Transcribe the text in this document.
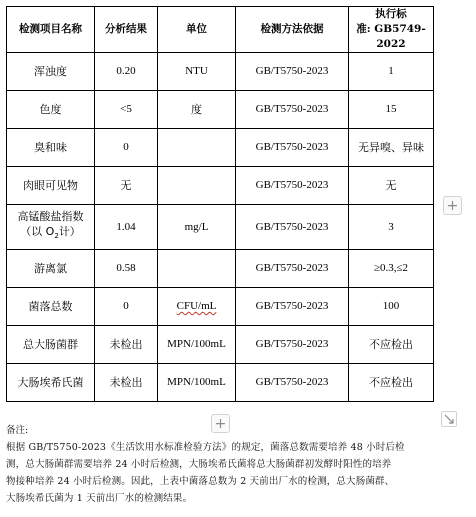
检测项目名称	分析结果	单位	检测方法依据	执行标
准: GB5749-2022

浑浊度	0.20	NTU	GB/T5750-2023	1
色度	<5	度	GB/T5750-2023	15
臭和味	0		GB/T5750-2023	无异嗅、异味
肉眼可见物	无		GB/T5750-2023	无

高锰酸盐指数
（以 $O_2$计）	1.04	mg/L	GB/T5750-2023	3
游离氯	0.58		GB/T5750-2023	≥0.3,≤2
菌落总数	0	CFU/mL	GB/T5750-2023	100
总大肠菌群	未检出	MPN/100mL	GB/T5750-2023	不应检出
大肠埃希氏菌	未检出	MPN/100mL	GB/T5750-2023	不应检出
+
+

备注:

根据 GB/T5750-2023《生活饮用水标准检验方法》的规定，菌落总数需要培养 48 小时后检

测，总大肠菌群需要培养 24 小时后检测，大肠埃希氏菌将总大肠菌群初发酵时阳性的培养

物接种培养 24 小时后检测。因此，上表中菌落总数为 2 天前出厂水的检测，总大肠菌群、

大肠埃希氏菌为 1 天前出厂水的检测结果。
